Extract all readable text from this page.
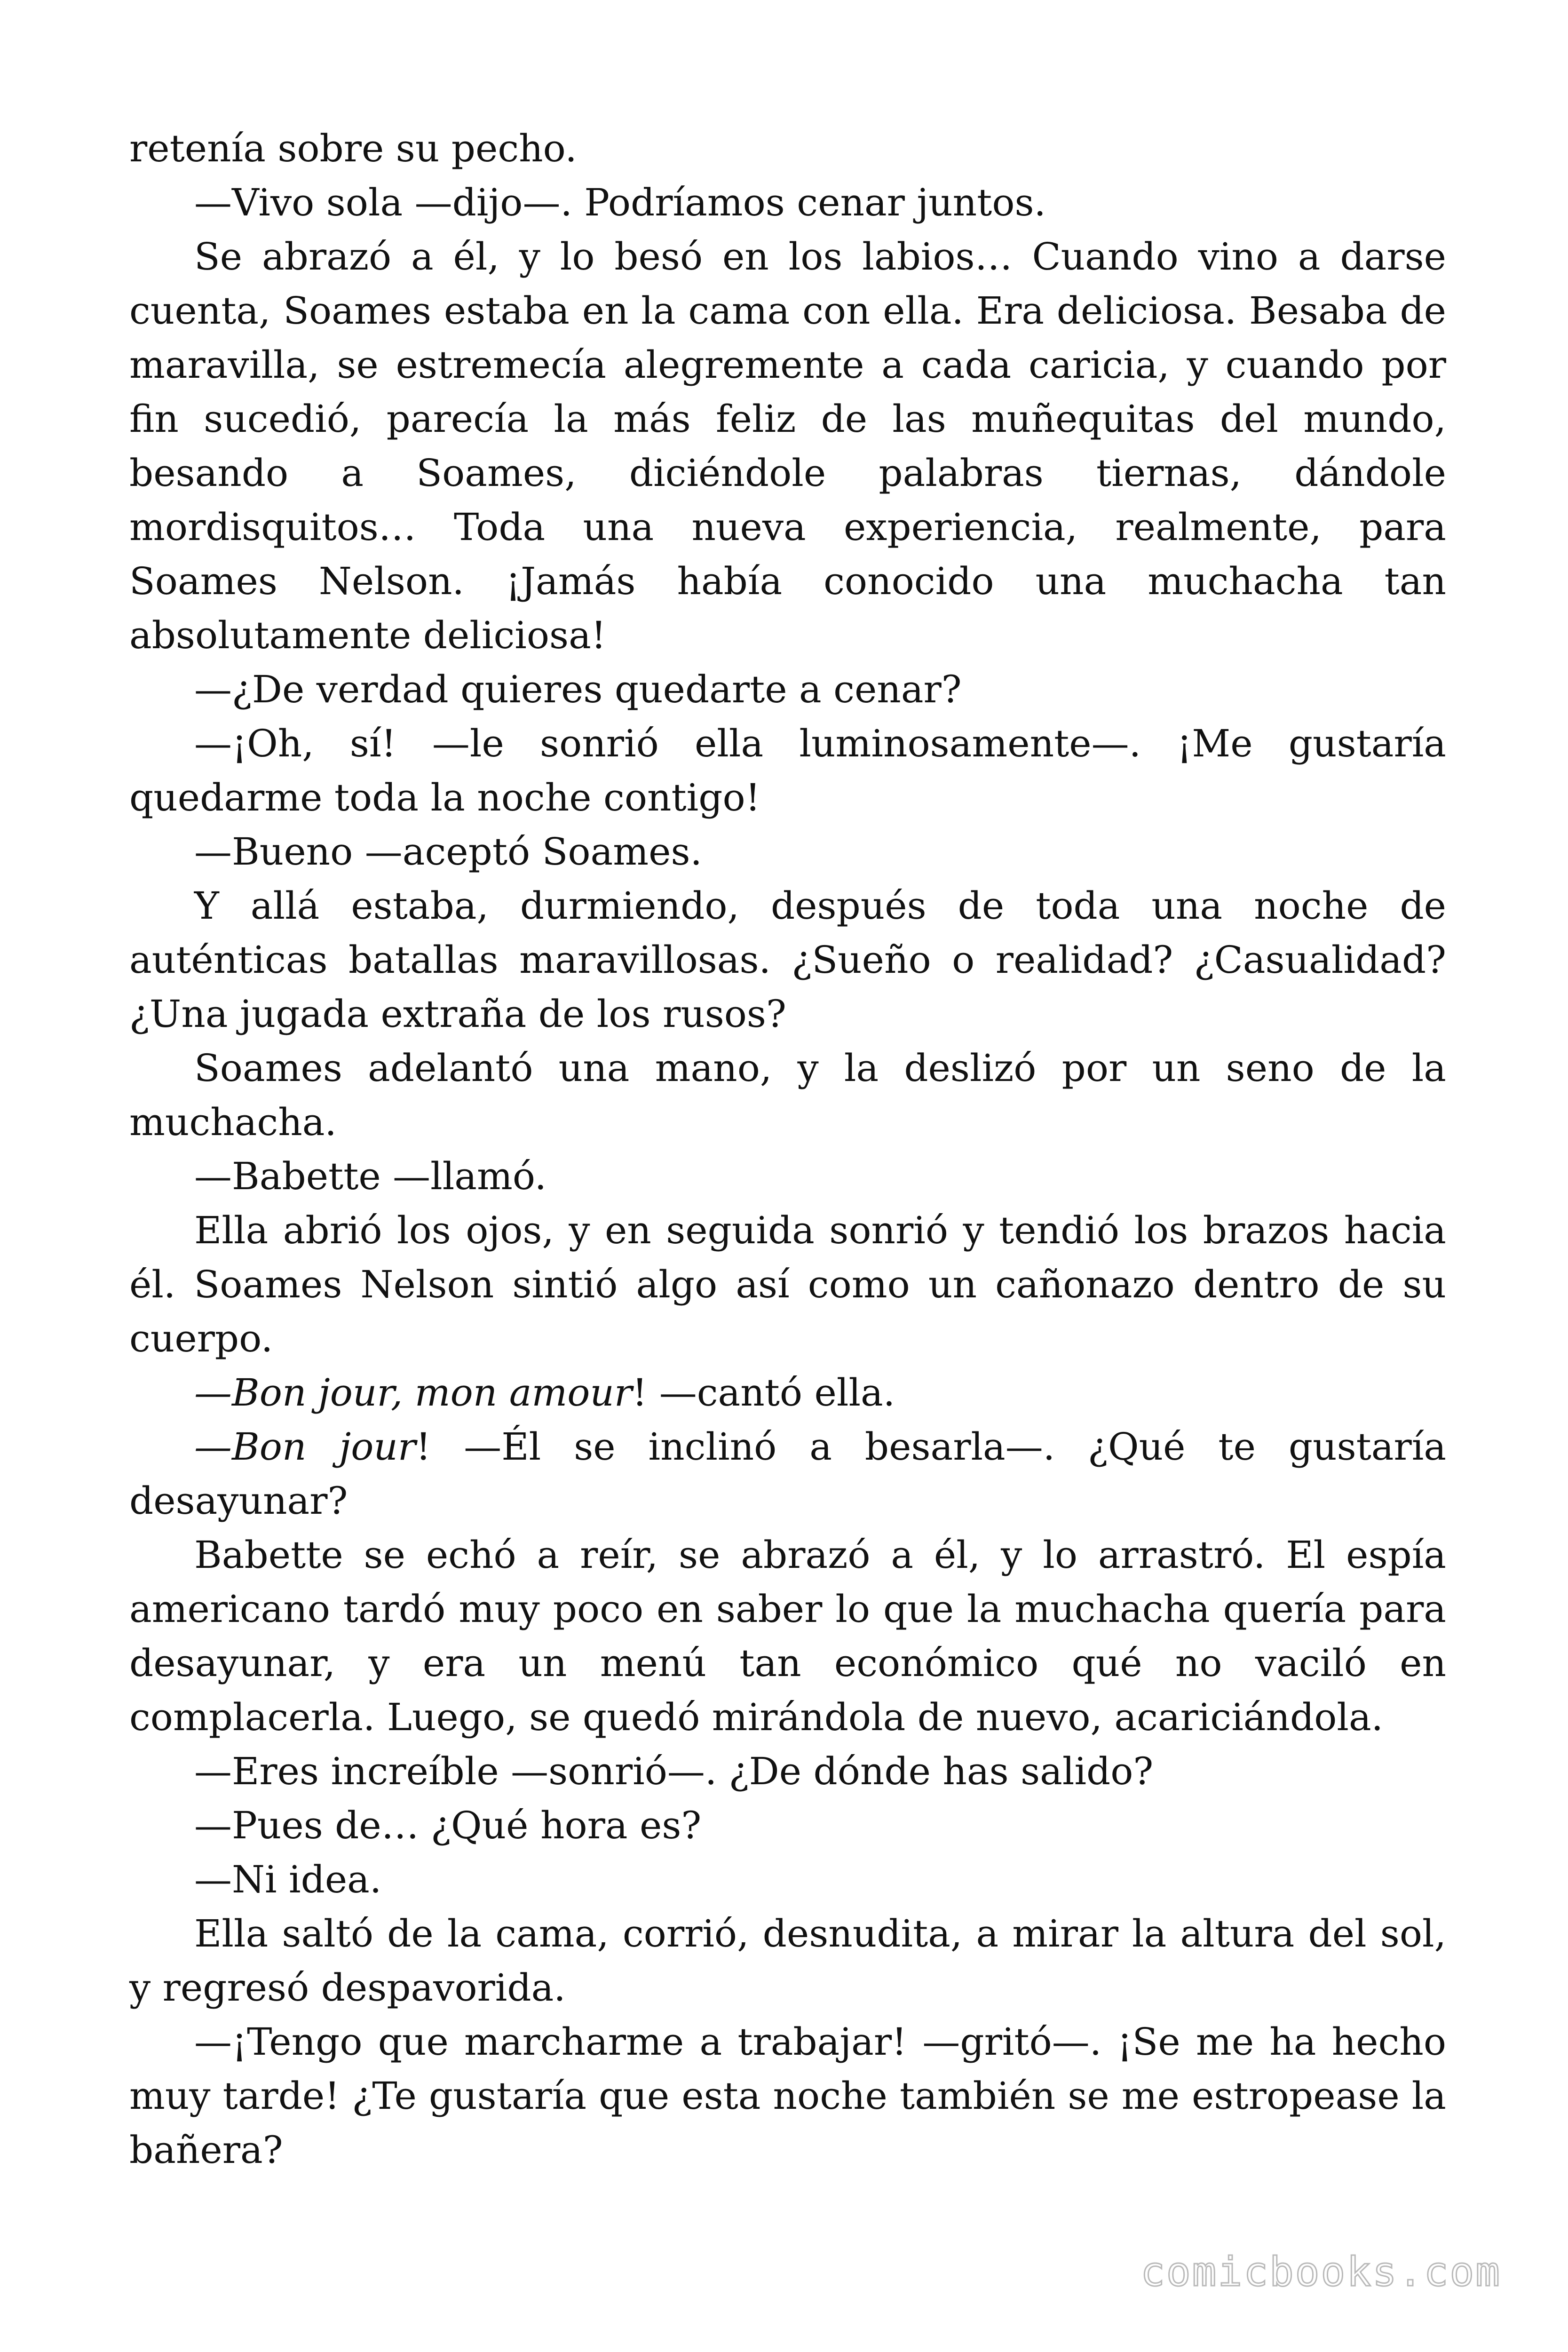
retenía sobre su pecho.

—Vivo sola —dijo—. Podríamos cenar juntos.

Se abrazó a él, y lo besó en los labios… Cuando vino a darse cuenta, Soames estaba en la cama con ella. Era deliciosa. Besaba de maravilla, se estremecía alegremente a cada caricia, y cuando por fin sucedió, parecía la más feliz de las muñequitas del mundo, besando a Soames, diciéndole palabras tiernas, dándole mordisquitos… Toda una nueva experiencia, realmente, para Soames Nelson. ¡Jamás había conocido una muchacha tan absolutamente deliciosa!

—¿De verdad quieres quedarte a cenar?

—¡Oh, sí! —le sonrió ella luminosamente—. ¡Me gustaría quedarme toda la noche contigo!

—Bueno —aceptó Soames.

Y allá estaba, durmiendo, después de toda una noche de auténticas batallas maravillosas. ¿Sueño o realidad? ¿Casualidad? ¿Una jugada extraña de los rusos?

Soames adelantó una mano, y la deslizó por un seno de la muchacha.

—Babette —llamó.

Ella abrió los ojos, y en seguida sonrió y tendió los brazos hacia él. Soames Nelson sintió algo así como un cañonazo dentro de su cuerpo.

—Bon jour, mon amour! —cantó ella.

—Bon jour! —Él se inclinó a besarla—. ¿Qué te gustaría desayunar?

Babette se echó a reír, se abrazó a él, y lo arrastró. El espía americano tardó muy poco en saber lo que la muchacha quería para desayunar, y era un menú tan económico qué no vaciló en complacerla. Luego, se quedó mirándola de nuevo, acariciándola.

—Eres increíble —sonrió—. ¿De dónde has salido?

—Pues de… ¿Qué hora es?

—Ni idea.

Ella saltó de la cama, corrió, desnudita, a mirar la altura del sol, y regresó despavorida.

—¡Tengo que marcharme a trabajar! —gritó—. ¡Se me ha hecho muy tarde! ¿Te gustaría que esta noche también se me estropease la bañera?

comicbooks.com
